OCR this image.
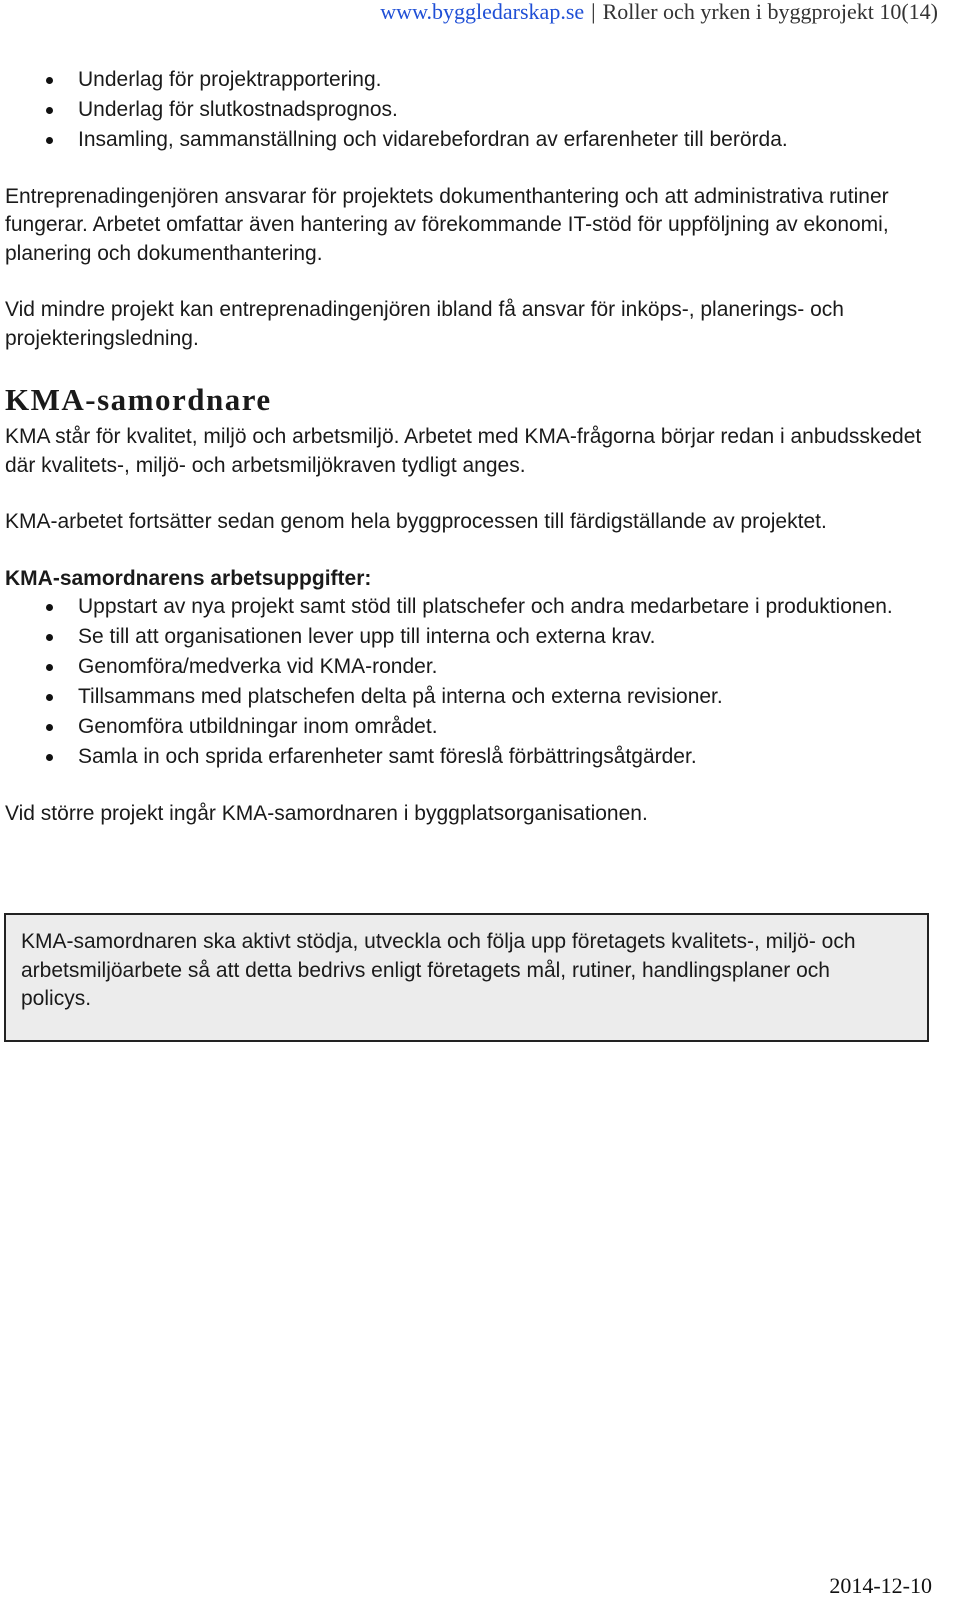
www.byggledarskap.se | Roller och yrken i byggprojekt 10(14)
Underlag för projektrapportering.
Underlag för slutkostnadsprognos.
Insamling, sammanställning och vidarebefordran av erfarenheter till berörda.

Entreprenadingenjören ansvarar för projektets dokumenthantering och att administrativa rutiner fungerar. Arbetet omfattar även hantering av förekommande IT-stöd för uppföljning av ekonomi, planering och dokumenthantering.

Vid mindre projekt kan entreprenadingenjören ibland få ansvar för inköps-, planerings- och projekteringsledning.

KMA-samordnare

KMA står för kvalitet, miljö och arbetsmiljö. Arbetet med KMA-frågorna börjar redan i anbudsskedet där kvalitets-, miljö- och arbetsmiljökraven tydligt anges.

KMA-arbetet fortsätter sedan genom hela byggprocessen till färdigställande av projektet.

KMA-samordnarens arbetsuppgifter:

Uppstart av nya projekt samt stöd till platschefer och andra medarbetare i produktionen.
Se till att organisationen lever upp till interna och externa krav.
Genomföra/medverka vid KMA-ronder.
Tillsammans med platschefen delta på interna och externa revisioner.
Genomföra utbildningar inom området.
Samla in och sprida erfarenheter samt föreslå förbättringsåtgärder.

Vid större projekt ingår KMA-samordnaren i byggplatsorganisationen.

KMA-samordnaren ska aktivt stödja, utveckla och följa upp företagets kvalitets-, miljö- och arbetsmiljöarbete så att detta bedrivs enligt företagets mål, rutiner, handlingsplaner och policys.

2014-12-10
